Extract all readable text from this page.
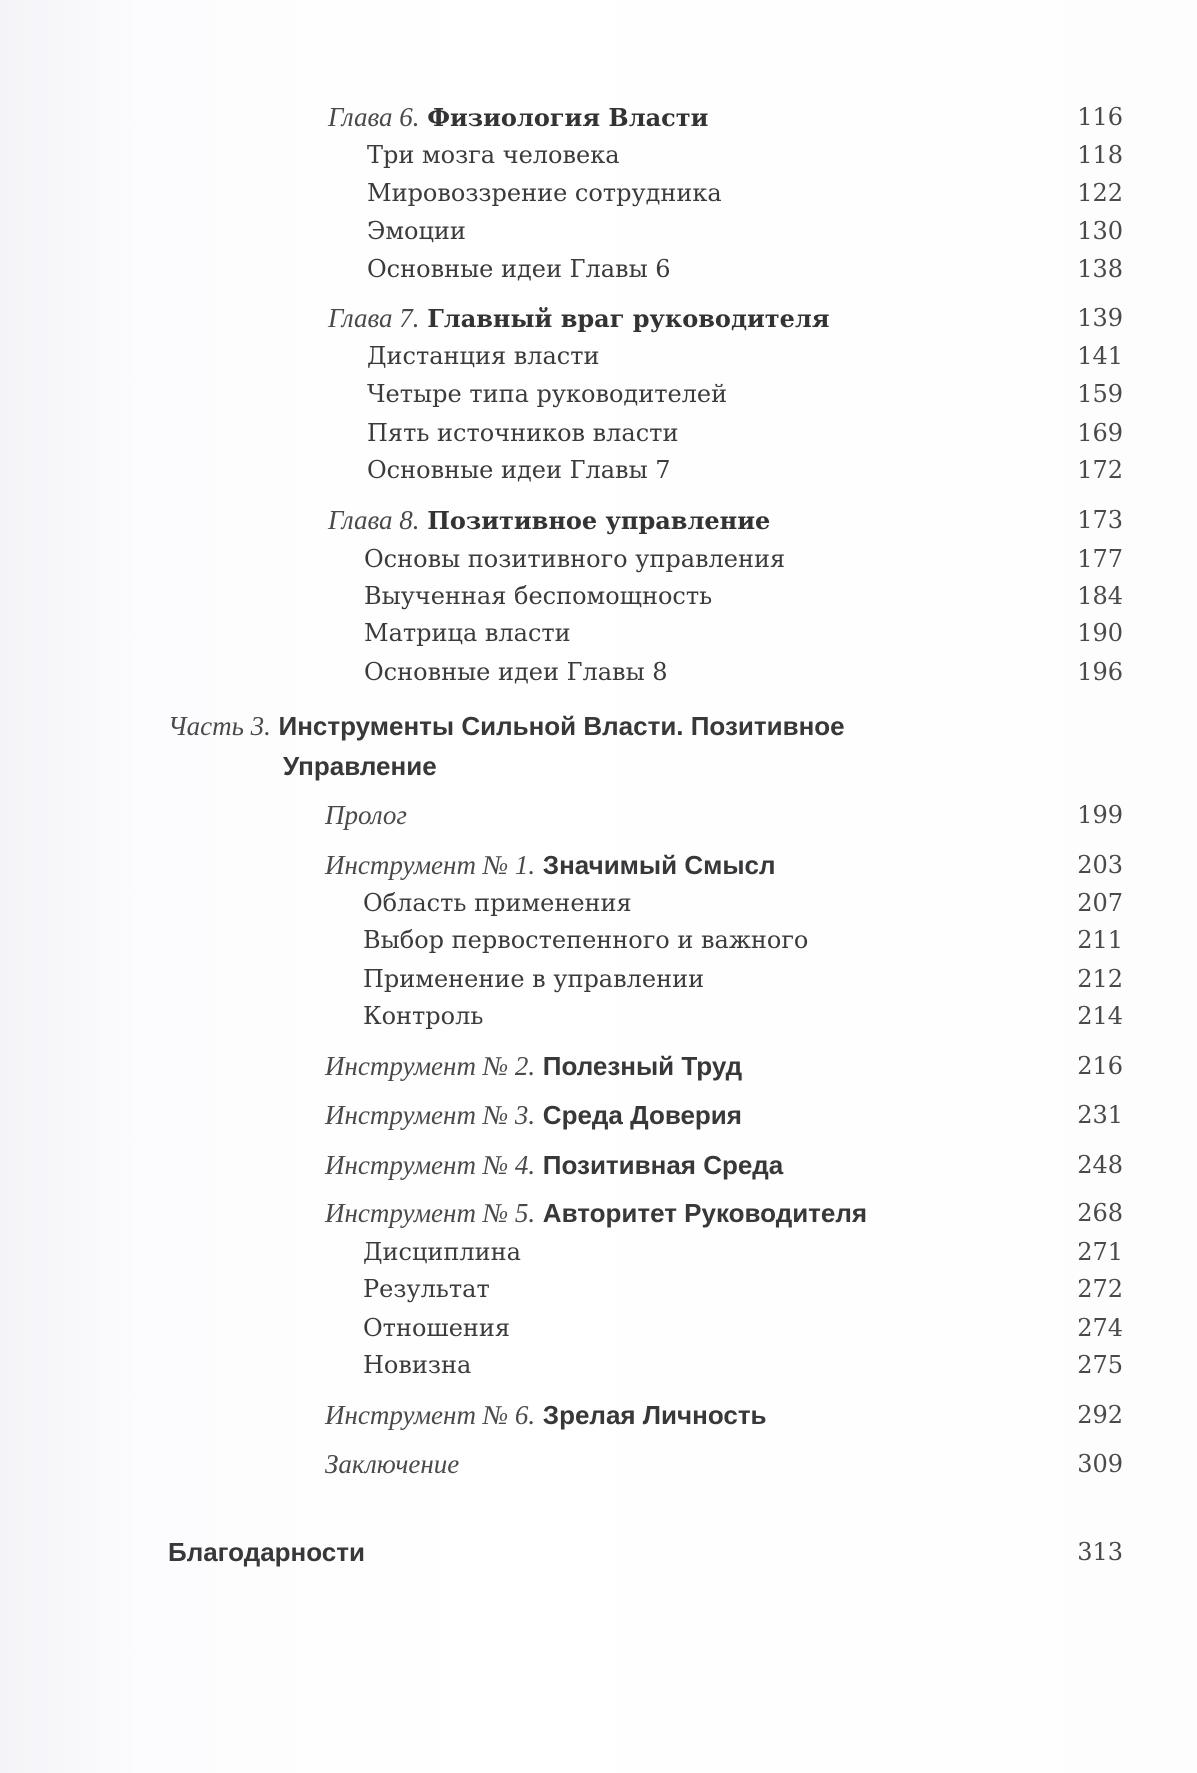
Глава 6. Физиология Власти	116
Три мозга человека	118
Мировоззрение сотрудника	122
Эмоции	130
Основные идеи Главы 6	138
Глава 7. Главный враг руководителя	139
Дистанция власти	141
Четыре типа руководителей	159
Пять источников власти	169
Основные идеи Главы 7	172
Глава 8. Позитивное управление	173
Основы позитивного управления	177
Выученная беспомощность	184
Матрица власти	190
Основные идеи Главы 8	196
Часть 3. Инструменты Сильной Власти. Позитивное
Управление
Пролог	199
Инструмент № 1. Значимый Смысл	203
Область применения	207
Выбор первостепенного и важного	211
Применение в управлении	212
Контроль	214
Инструмент № 2. Полезный Труд	216
Инструмент № 3. Среда Доверия	231
Инструмент № 4. Позитивная Среда	248
Инструмент № 5. Авторитет Руководителя	268
Дисциплина	271
Результат	272
Отношения	274
Новизна	275
Инструмент № 6. Зрелая Личность	292
Заключение	309
Благодарности	313
